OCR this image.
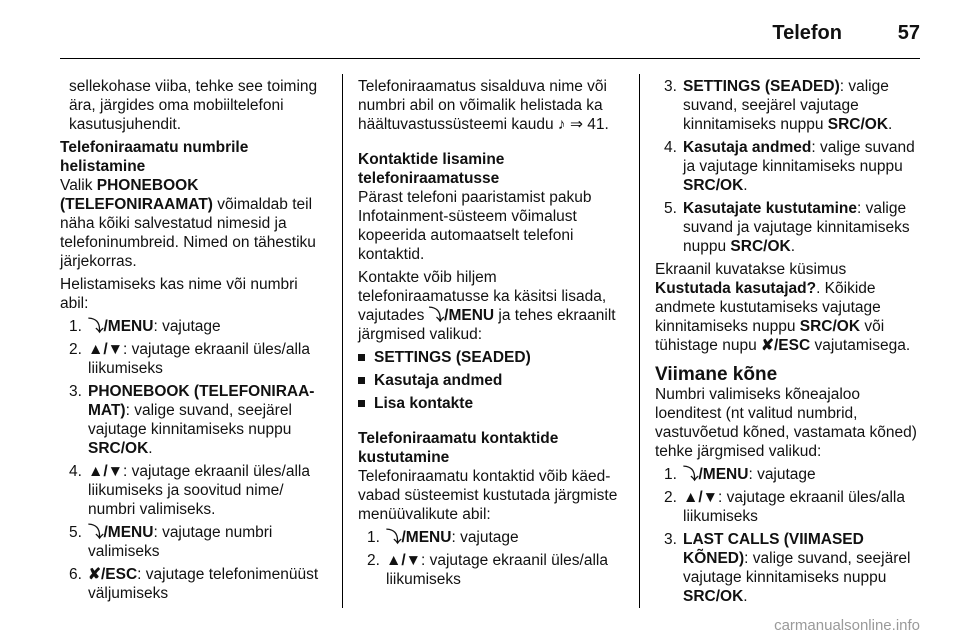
Telefon	57

sellekohase viiba, tehke see toiming ära, järgides oma mobiiltelefoni kasutusjuhendit.

Telefoniraamatu numbrile helistamine

Valik PHONEBOOK (TELEFONIRAAMAT) võimaldab teil näha kõiki salvestatud nimesid ja telefoninumbreid. Nimed on tähestiku järjekorras.

Helistamiseks kas nime või numbri abil:

1. ⤵/MENU: vajutage
2. ▲/▼: vajutage ekraanil üles/alla liikumiseks
3. PHONEBOOK (TELEFONIRAA-MAT): valige suvand, seejärel vajutage kinnitamiseks nuppu SRC/OK.
4. ▲/▼: vajutage ekraanil üles/alla liikumiseks ja soovitud nime/ numbri valimiseks.
5. ⤵/MENU: vajutage numbri valimiseks
6. ✘/ESC: vajutage telefonimenüüst väljumiseks

Telefoniraamatus sisalduva nime või numbri abil on võimalik helistada ka häältuvastussüsteemi kaudu ♪ ⇒ 41.

Kontaktide lisamine telefoniraamatusse

Pärast telefoni paaristamist pakub Infotainment-süsteem võimalust kopeerida automaatselt telefoni kontaktid.

Kontakte võib hiljem telefoniraamatusse ka käsitsi lisada, vajutades ⤵/MENU ja tehes ekraanilt järgmised valikud:

SETTINGS (SEADED)
Kasutaja andmed
Lisa kontakte

Telefoniraamatu kontaktide kustutamine

Telefoniraamatu kontaktid võib käed-vabad süsteemist kustutada järgmiste menüüvalikute abil:

1. ⤵/MENU: vajutage
2. ▲/▼: vajutage ekraanil üles/alla liikumiseks
3. SETTINGS (SEADED): valige suvand, seejärel vajutage kinnitamiseks nuppu SRC/OK.
4. Kasutaja andmed: valige suvand ja vajutage kinnitamiseks nuppu SRC/OK.
5. Kasutajate kustutamine: valige suvand ja vajutage kinnitamiseks nuppu SRC/OK.

Ekraanil kuvatakse küsimus Kustutada kasutajad?. Kõikide andmete kustutamiseks vajutage kinnitamiseks nuppu SRC/OK või tühistage nupu ✘/ESC vajutamisega.

Viimane kõne

Numbri valimiseks kõneajaloo loenditest (nt valitud numbrid, vastuvõetud kõned, vastamata kõned) tehke järgmised valikud:

1. ⤵/MENU: vajutage
2. ▲/▼: vajutage ekraanil üles/alla liikumiseks
3. LAST CALLS (VIIMASED KÕNED): valige suvand, seejärel vajutage kinnitamiseks nuppu SRC/OK.
carmanualsonline.info
